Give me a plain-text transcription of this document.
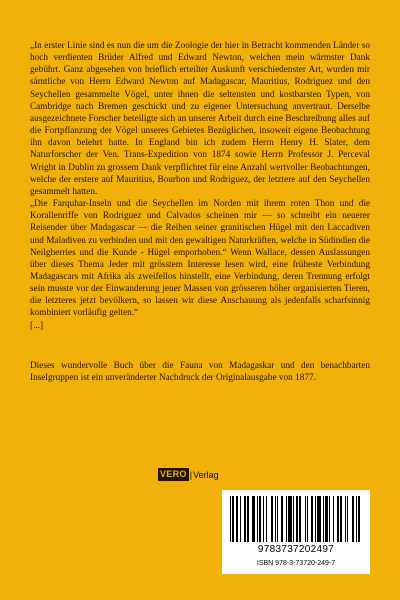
„In erster Linie sind es nun die um die Zoologie der hier in Betracht kommenden Länder so hoch verdienten Brüder Alfred und Edward Newton, welchen mein wärmster Dank gebührt. Ganz abgesehen von brieflich erteilter Auskunft verschiedenster Art, wurden mir sämtliche von Herrn Edward Newton auf Madagascar, Mauritius, Rodriguez und den Seychellen gesammelte Vögel, unter ihnen die seltensten und kostbarsten Typen, von Cambridge nach Bremen geschickt und zu eigener Untersuchung anvertraut. Derselbe ausgezeichnete Forscher beteiligte sich an unserer Arbeit durch eine Beschreibung alles auf die Fortpflanzung der Vögel unseres Gebietes Bezüglichen, insoweit eigene Beobachtung ihn davon belehrt hatte. In England bin ich zudem Herrn Henry H. Slater, dem Naturforscher der Ven. Trans-Expedition von 1874 sowie Herrn Professor J. Perceval Wright in Dublin zu grossem Dank verpflichtet für eine Anzahl wertvoller Beobachtungen, welche der erstere auf Mauritius, Bourbon und Rodriguez, der letztere auf den Seychellen gesammelt hatten.

„Die Farquhar-Inseln und die Seychellen im Norden mit ihrem roten Thon und die Korallenriffe von Rodriguez und Calvados scheinen mir — so schreibt ein neuerer Reisender über Madagascar — die Reihen seiner granitischen Hügel mit den Laccadiven und Maladiven zu verbinden und mit den gewaltigen Naturkräften, welche in Südindien die Neilgherries und die Kunde - Hügel emporhoben.“ Wenn Wallace, dessen Auslassungen über dieses Thema Jeder mit grösstem Interesse lesen wird, eine früheste Verbindung Madagascars mit Afrika als zweifellos hinstellt, eine Verbindung, deren Trennung erfolgt sein musste vor der Einwanderung jener Massen von grösseren höher organisierten Tieren, die letzteres jetzt bevölkern, so lassen wir diese Anschauung als jedenfalls scharfsinnig kombiniert vorläufig gelten.“

[...]

Dieses wundervolle Buch über die Fauna von Madagaskar und den benachbarten Inselgruppen ist ein unveränderter Nachdruck der Originalausgabe von 1877.
VERO | Verlag
9783737202497
ISBN 978-3-73720-249-7
